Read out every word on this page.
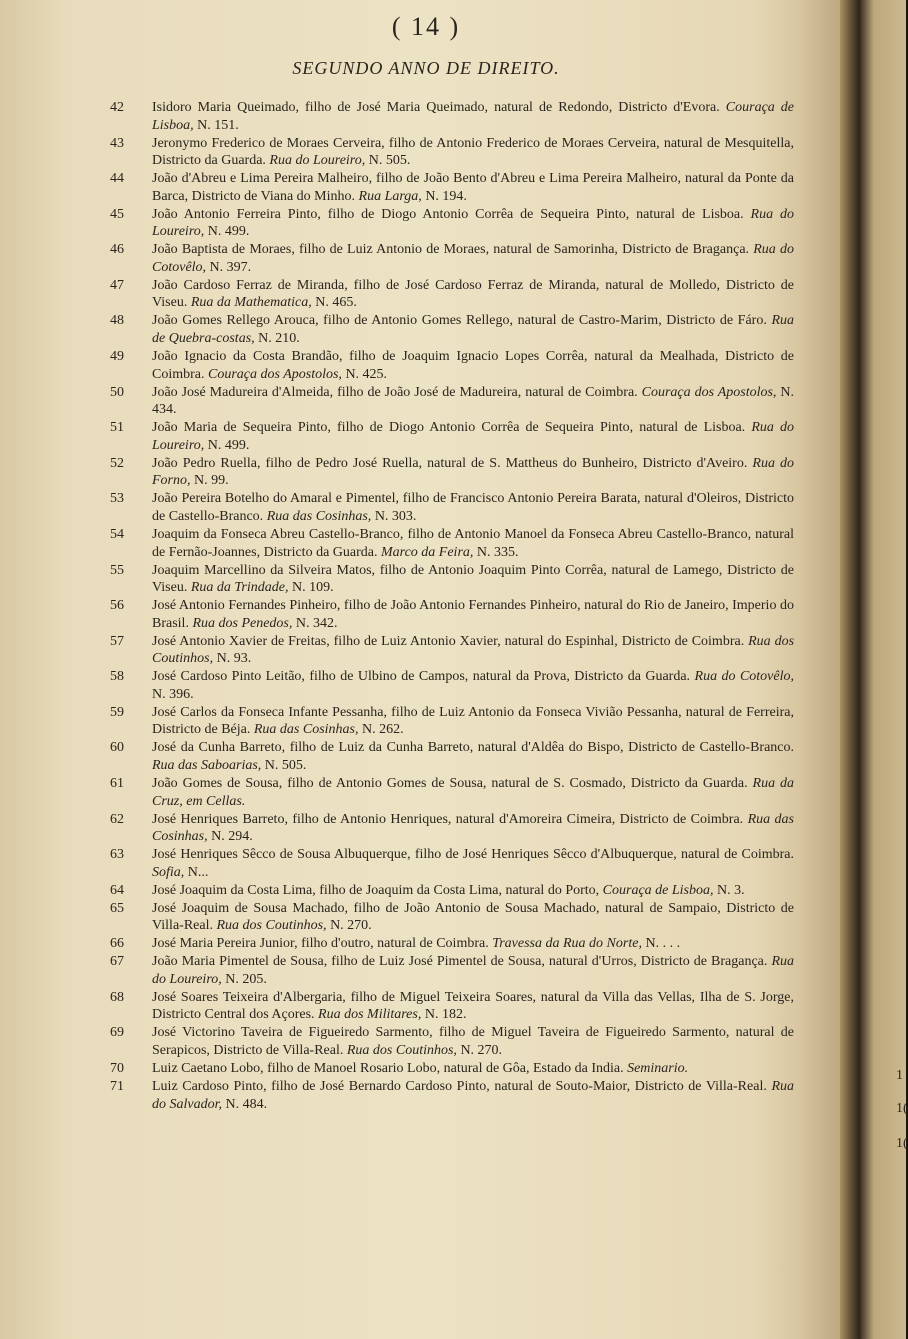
( 14 )
SEGUNDO ANNO DE DIREITO.
42 Isidoro Maria Queimado, filho de José Maria Queimado, natural de Redondo, Districto d'Evora. Couraça de Lisboa, N. 151.
43 Jeronymo Frederico de Moraes Cerveira, filho de Antonio Frederico de Moraes Cerveira, natural de Mesquitella, Districto da Guarda. Rua do Loureiro, N. 505.
44 João d'Abreu e Lima Pereira Malheiro, filho de João Bento d'Abreu e Lima Pereira Malheiro, natural da Ponte da Barca, Districto de Viana do Minho. Rua Larga, N. 194.
45 João Antonio Ferreira Pinto, filho de Diogo Antonio Corrêa de Sequeira Pinto, natural de Lisboa. Rua do Loureiro, N. 499.
46 João Baptista de Moraes, filho de Luiz Antonio de Moraes, natural de Samorinha, Districto de Bragança. Rua do Cotovêlo, N. 397.
47 João Cardoso Ferraz de Miranda, filho de José Cardoso Ferraz de Miranda, natural de Molledo, Districto de Viseu. Rua da Mathematica, N. 465.
48 João Gomes Rellego Arouca, filho de Antonio Gomes Rellego, natural de Castro-Marim, Districto de Fáro. Rua de Quebra-costas, N. 210.
49 João Ignacio da Costa Brandão, filho de Joaquim Ignacio Lopes Corrêa, natural da Mealhada, Districto de Coimbra. Couraça dos Apostolos, N. 425.
50 João José Madureira d'Almeida, filho de João José de Madureira, natural de Coimbra. Couraça dos Apostolos, N. 434.
51 João Maria de Sequeira Pinto, filho de Diogo Antonio Corrêa de Sequeira Pinto, natural de Lisboa. Rua do Loureiro, N. 499.
52 João Pedro Ruella, filho de Pedro José Ruella, natural de S. Mattheus do Bunheiro, Districto d'Aveiro. Rua do Forno, N. 99.
53 João Pereira Botelho do Amaral e Pimentel, filho de Francisco Antonio Pereira Barata, natural d'Oleiros, Districto de Castello-Branco. Rua das Cosinhas, N. 303.
54 Joaquim da Fonseca Abreu Castello-Branco, filho de Antonio Manoel da Fonseca Abreu Castello-Branco, natural de Fernão-Joannes, Districto da Guarda. Marco da Feira, N. 335.
55 Joaquim Marcellino da Silveira Matos, filho de Antonio Joaquim Pinto Corrêa, natural de Lamego, Districto de Viseu. Rua da Trindade, N. 109.
56 José Antonio Fernandes Pinheiro, filho de João Antonio Fernandes Pinheiro, natural do Rio de Janeiro, Imperio do Brasil. Rua dos Penedos, N. 342.
57 José Antonio Xavier de Freitas, filho de Luiz Antonio Xavier, natural do Espinhal, Districto de Coimbra. Rua dos Coutinhos, N. 93.
58 José Cardoso Pinto Leitão, filho de Ulbino de Campos, natural da Prova, Districto da Guarda. Rua do Cotovêlo, N. 396.
59 José Carlos da Fonseca Infante Pessanha, filho de Luiz Antonio da Fonseca Vivião Pessanha, natural de Ferreira, Districto de Béja. Rua das Cosinhas, N. 262.
60 José da Cunha Barreto, filho de Luiz da Cunha Barreto, natural d'Aldêa do Bispo, Districto de Castello-Branco. Rua das Saboarias, N. 505.
61 João Gomes de Sousa, filho de Antonio Gomes de Sousa, natural de S. Cosmado, Districto da Guarda. Rua da Cruz, em Cellas.
62 José Henriques Barreto, filho de Antonio Henriques, natural d'Amoreira Cimeira, Districto de Coimbra. Rua das Cosinhas, N. 294.
63 José Henriques Sêcco de Sousa Albuquerque, filho de José Henriques Sêcco d'Albuquerque, natural de Coimbra. Sofia, N...
64 José Joaquim da Costa Lima, filho de Joaquim da Costa Lima, natural do Porto, Couraça de Lisboa, N. 3.
65 José Joaquim de Sousa Machado, filho de João Antonio de Sousa Machado, natural de Sampaio, Districto de Villa-Real. Rua dos Coutinhos, N. 270.
66 José Maria Pereira Junior, filho d'outro, natural de Coimbra. Travessa da Rua do Norte, N. . . .
67 João Maria Pimentel de Sousa, filho de Luiz José Pimentel de Sousa, natural d'Urros, Districto de Bragança. Rua do Loureiro, N. 205.
68 José Soares Teixeira d'Albergaria, filho de Miguel Teixeira Soares, natural da Villa das Vellas, Ilha de S. Jorge, Districto Central dos Açores. Rua dos Militares, N. 182.
69 José Victorino Taveira de Figueiredo Sarmento, filho de Miguel Taveira de Figueiredo Sarmento, natural de Serapicos, Districto de Villa-Real. Rua dos Coutinhos, N. 270.
70 Luiz Caetano Lobo, filho de Manoel Rosario Lobo, natural de Gôa, Estado da India. Seminario.
71 Luiz Cardoso Pinto, filho de José Bernardo Cardoso Pinto, natural de Souto-Maior, Districto de Villa-Real. Rua do Salvador, N. 484.
1
1(
1(
